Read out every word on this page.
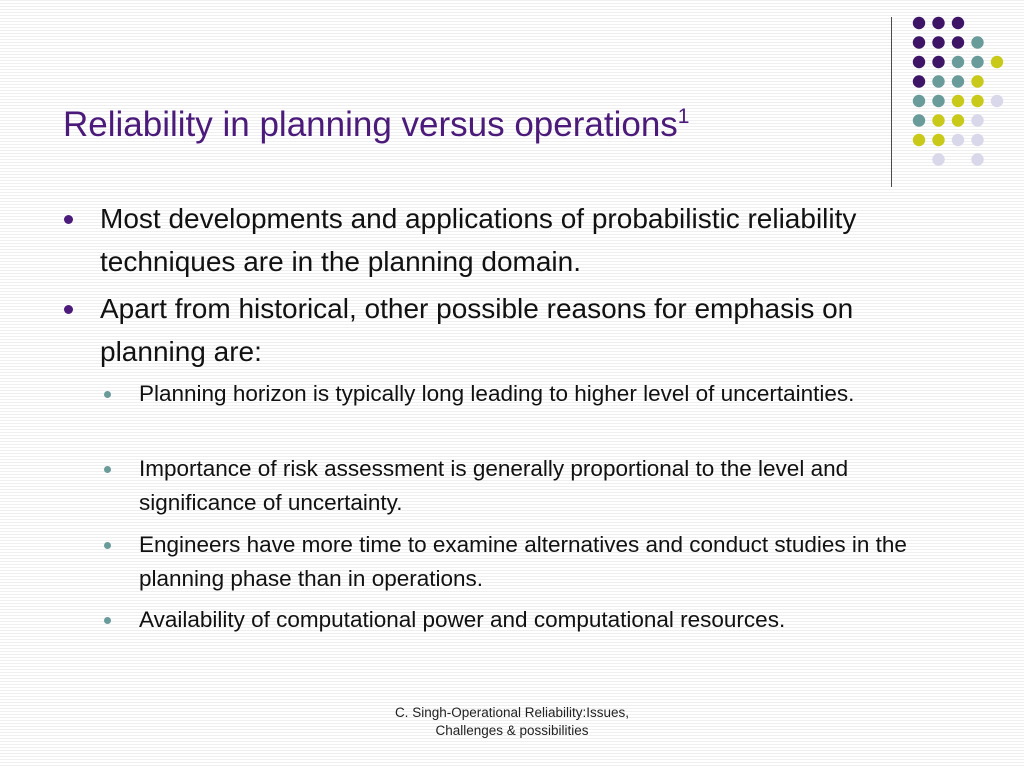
Reliability in planning versus operations$^1$
Most developments and applications of probabilistic reliability techniques are in the planning domain.
Apart from historical, other possible reasons for emphasis on planning are:
Planning horizon is typically long leading to higher level of uncertainties.
Importance of risk assessment is generally proportional to the level and significance of uncertainty.
Engineers have more time to examine alternatives and conduct studies in the planning phase than in operations.
Availability of computational power and computational resources.
C. Singh-Operational Reliability:Issues,
Challenges & possibilities
